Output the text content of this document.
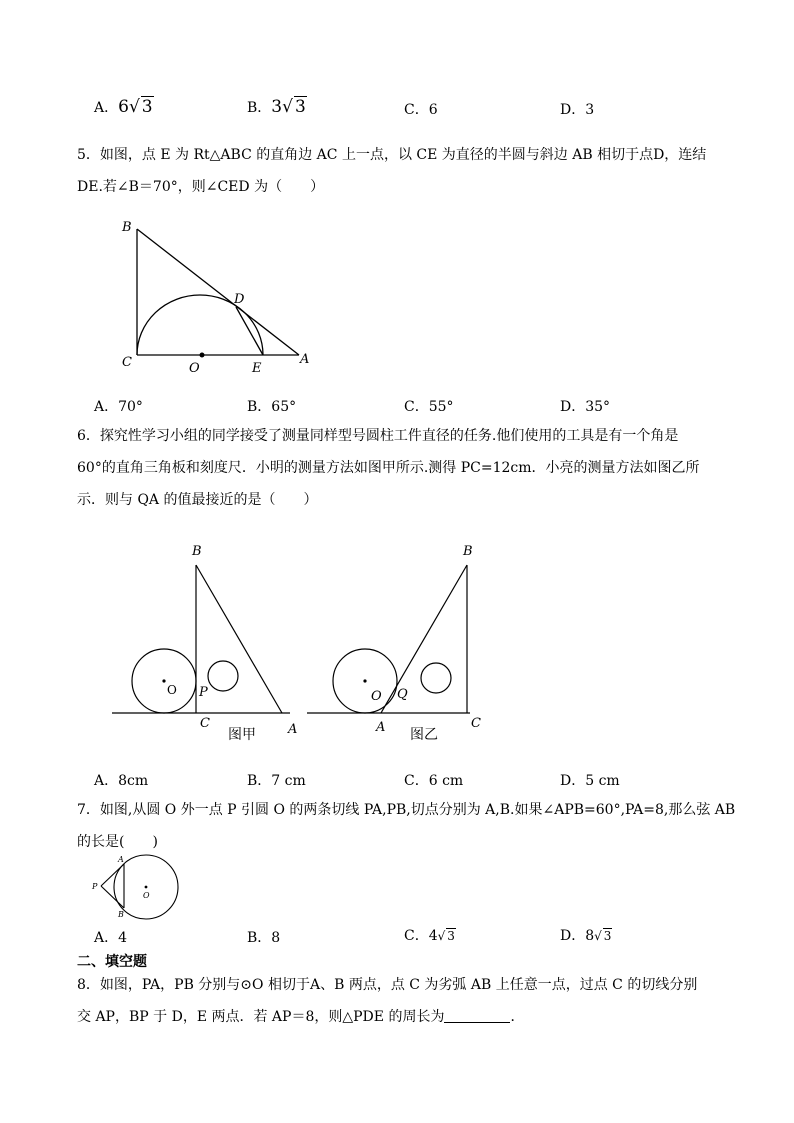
A．6√ 3	B．3√ 3	C．6	D．3
5．如图，点 E 为 Rt△ABC 的直角边 AC 上一点，以 CE 为直径的半圆与斜边 AB 相切于点D，连结
DE.若∠B＝70°，则∠CED 为（　　）
B
D
C	O	E
A
A．70°	B．65°	C．55°	D．35°
6．探究性学习小组的同学接受了测量同样型号圆柱工件直径的任务.他们使用的工具是有一个角是
60°的直角三角板和刻度尺．小明的测量方法如图甲所示.测得 PC=12cm．小亮的测量方法如图乙所
示．则与 QA 的值最接近的是（　　）
B
O P
C	A
图甲
B
O Q
A	C
图乙
A．8cm	B．7 cm	C．6 cm	D．5 cm
7．如图,从圆 O 外一点 P 引圆 O 的两条切线 PA,PB,切点分别为 A,B.如果∠APB=60°,PA=8,那么弦 AB
的长是(　　)
A
P
O
B
A．4	B．8	C．4√ 3	D．8√ 3
二、填空题
8．如图，PA，PB 分别与⊙O 相切于A、B 两点，点 C 为劣弧 AB 上任意一点，过点 C 的切线分别
交 AP，BP 于 D，E 两点．若 AP＝8，则△PDE 的周长为	．
